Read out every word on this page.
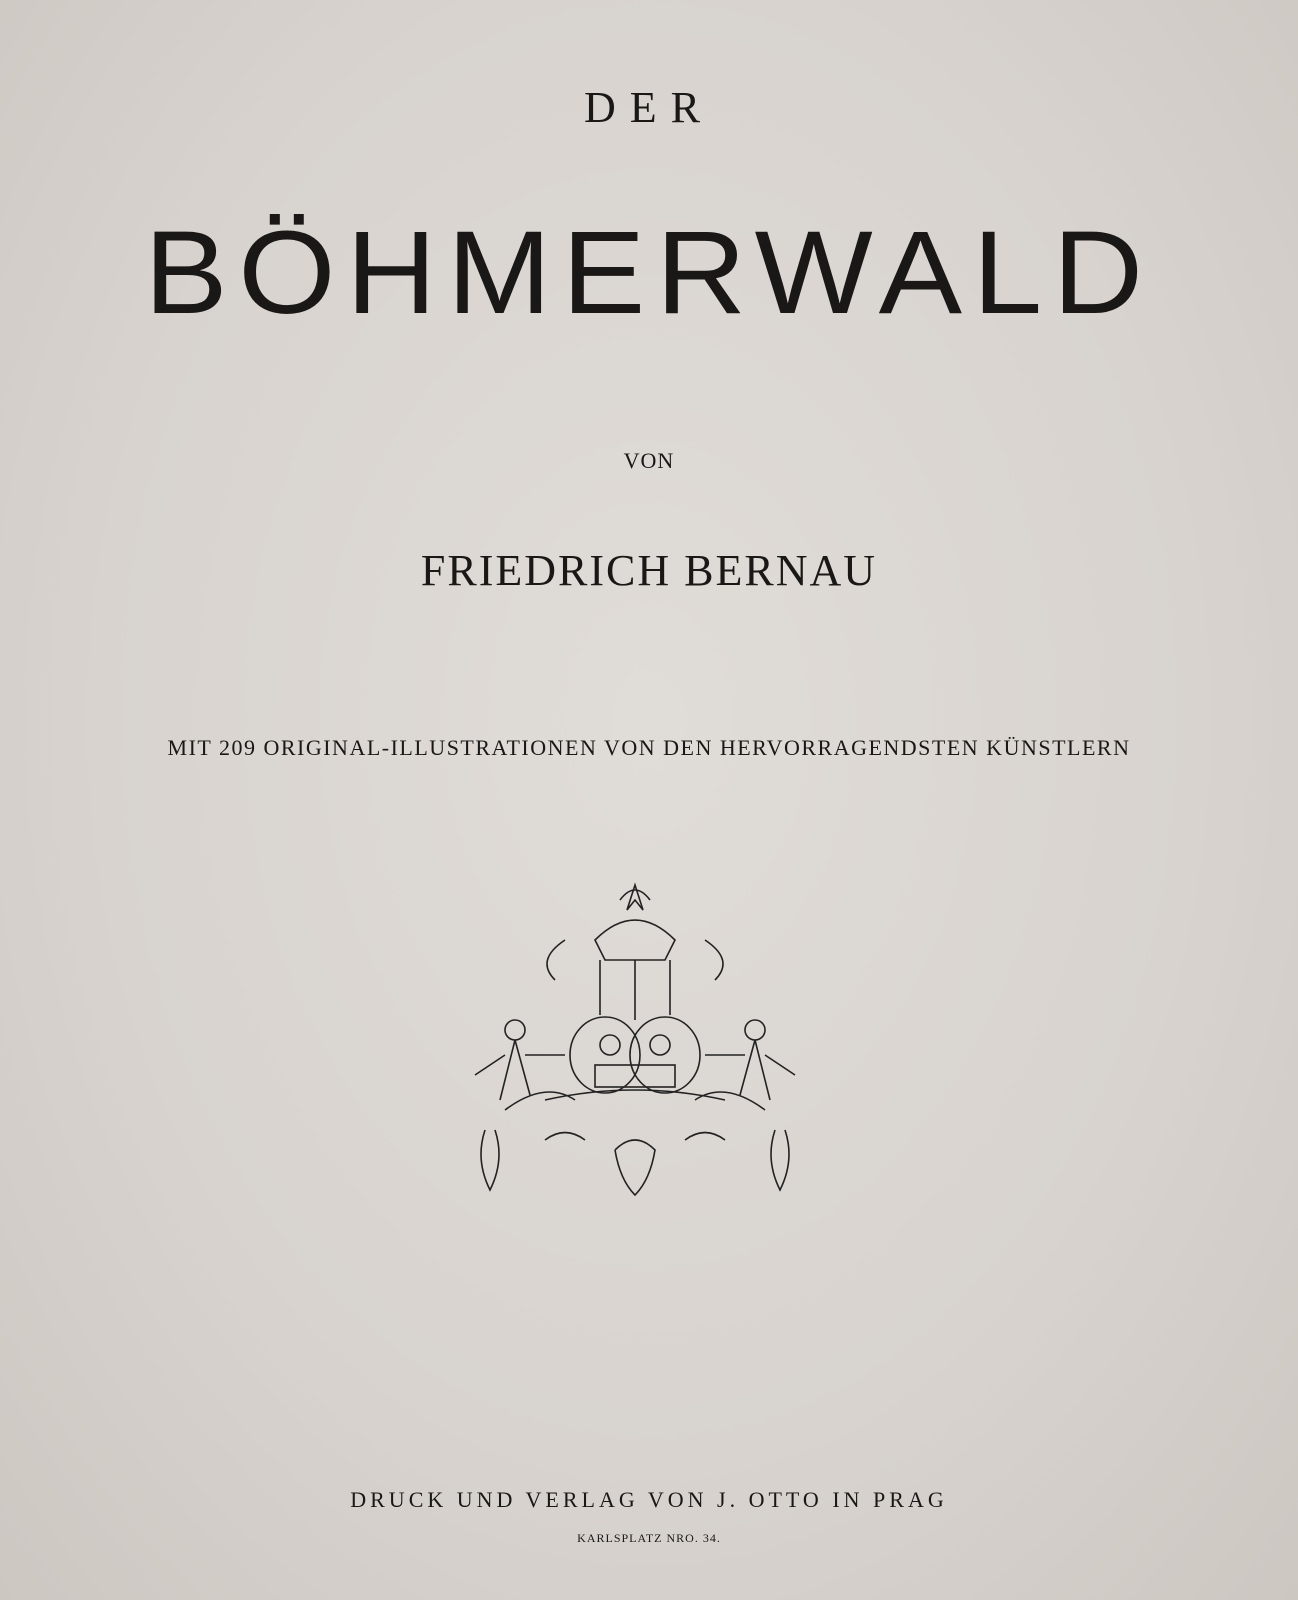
DER
BÖHMERWALD
VON
FRIEDRICH BERNAU
MIT 209 ORIGINAL-ILLUSTRATIONEN VON DEN HERVORRAGENDSTEN KÜNSTLERN
DRUCK UND VERLAG VON J. OTTO IN PRAG
KARLSPLATZ NRO. 34.
